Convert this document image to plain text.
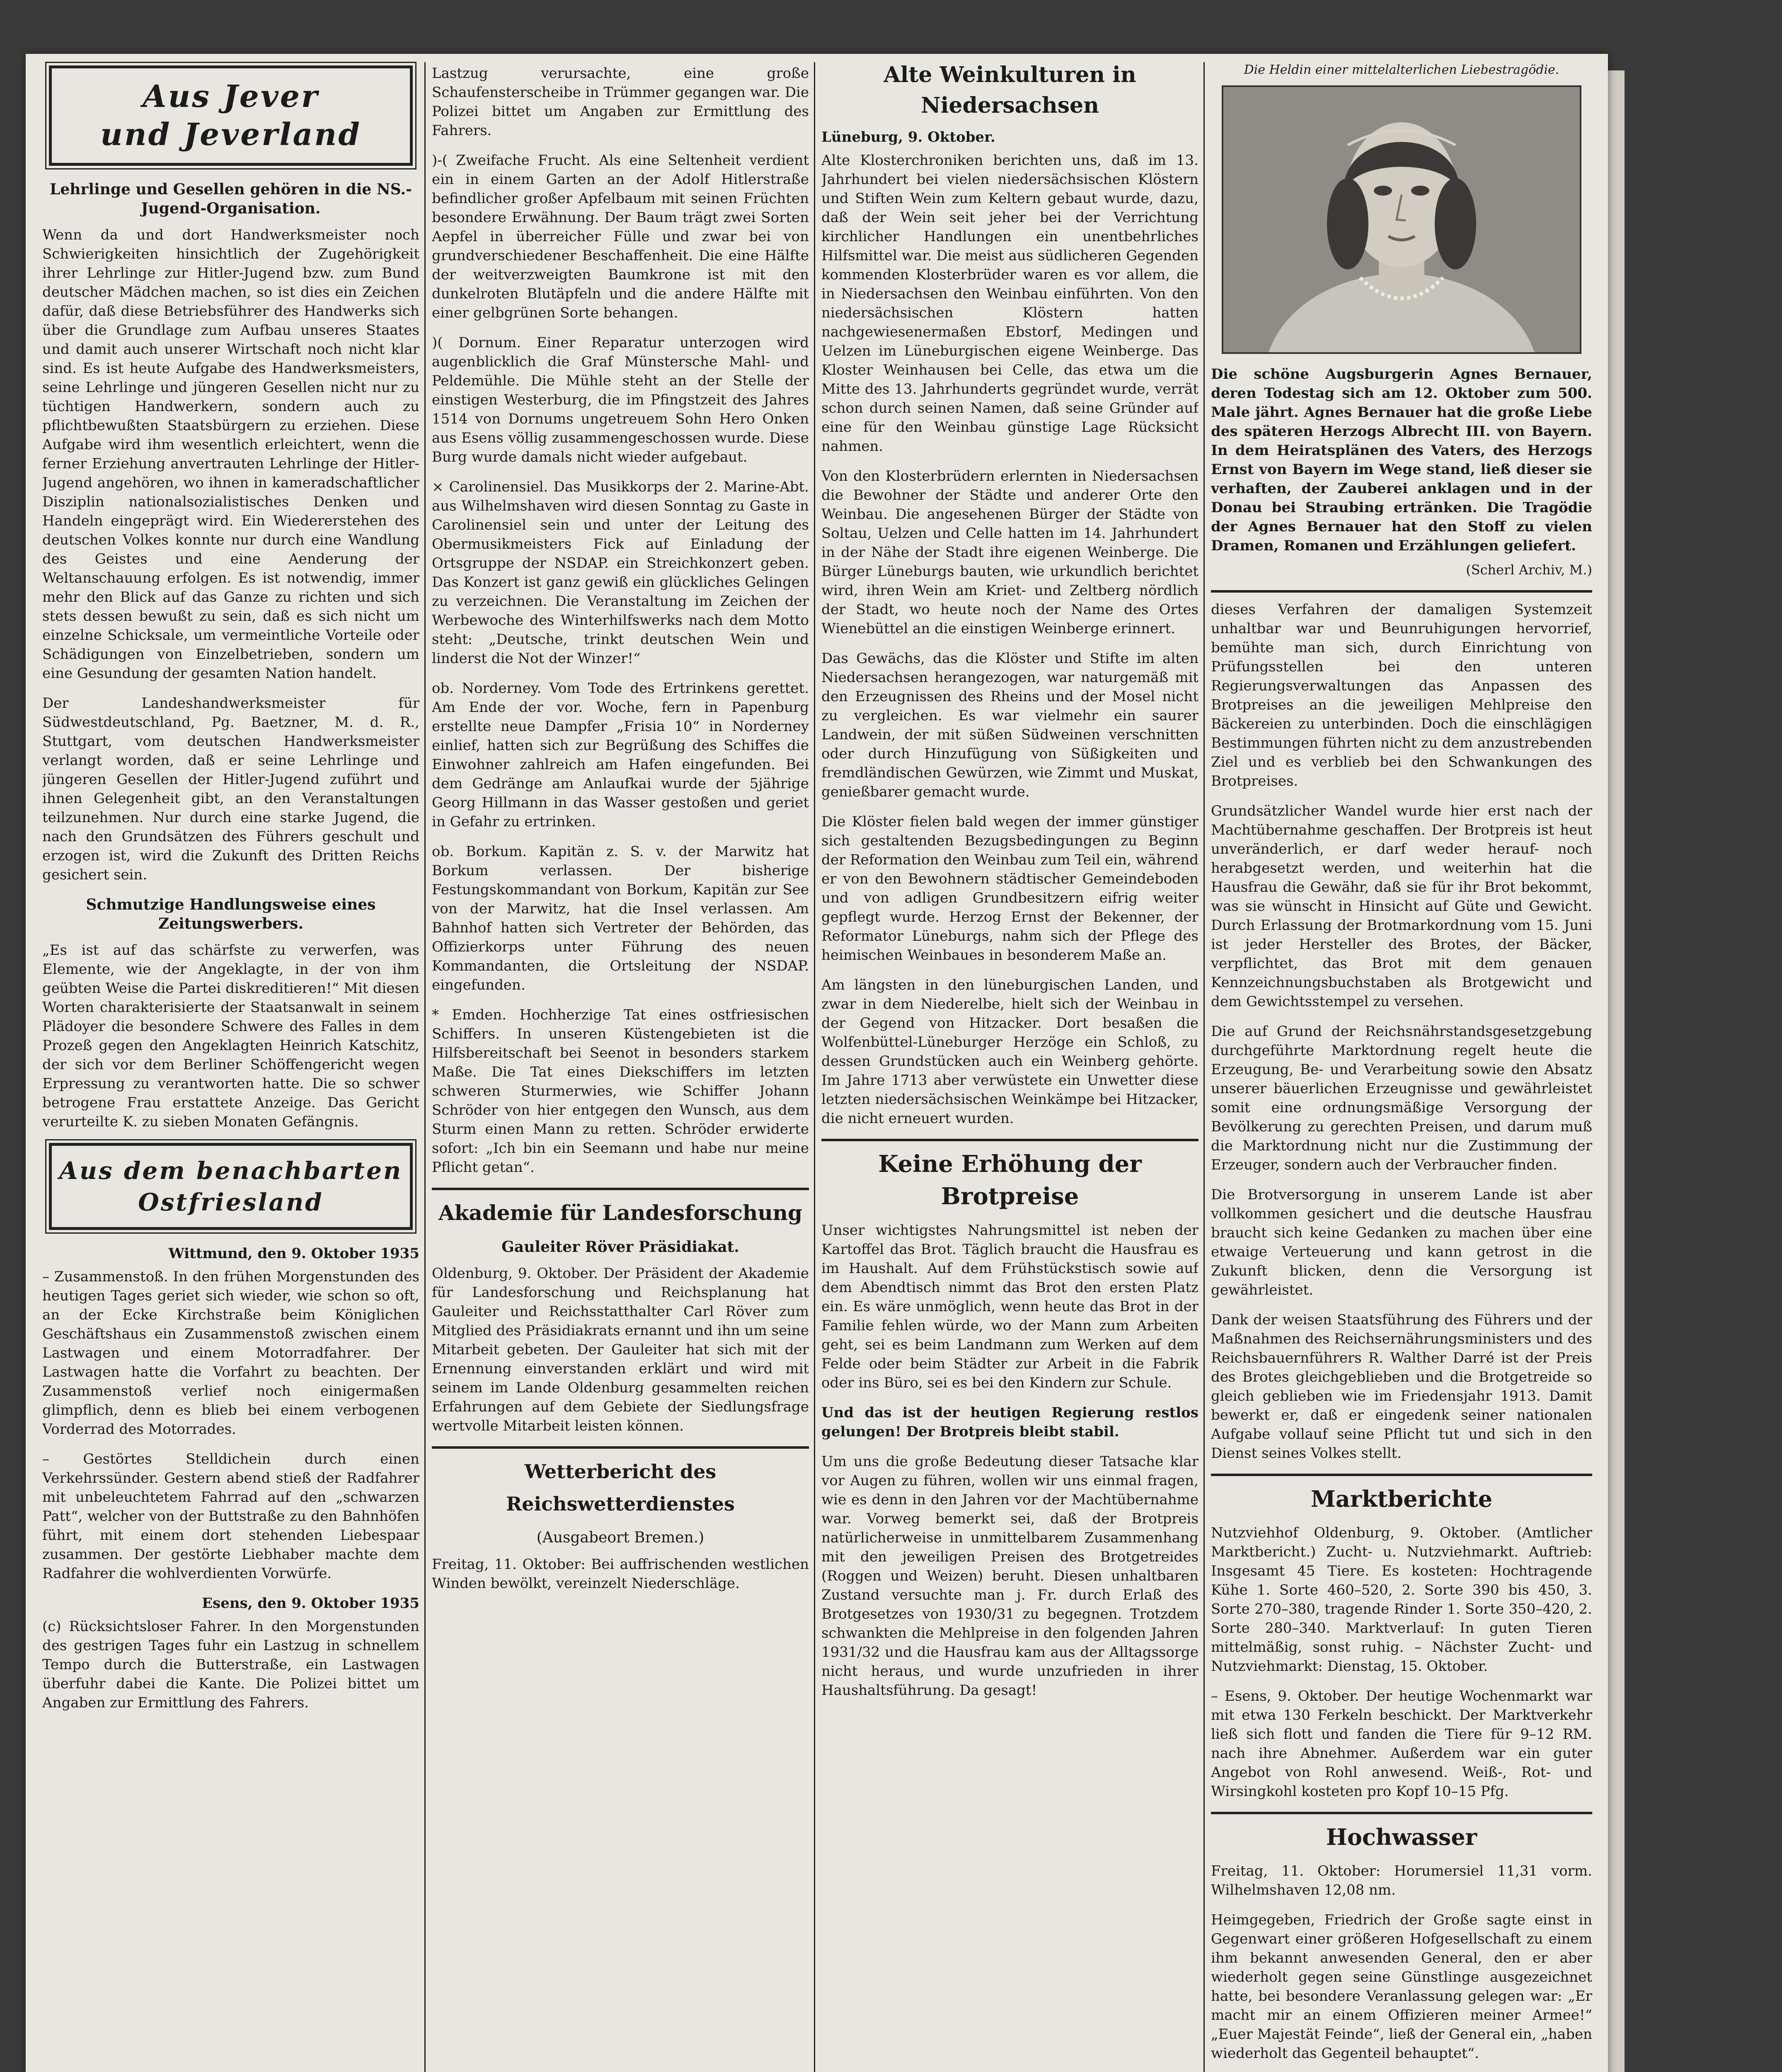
Aus Jever
und Jeverland

Lehrlinge und Gesellen gehören in die NS.-Jugend-Organisation.

Wenn da und dort Handwerksmeister noch Schwierigkeiten hinsichtlich der Zugehörigkeit ihrer Lehrlinge zur Hitler-Jugend bzw. zum Bund deutscher Mädchen machen, so ist dies ein Zeichen dafür, daß diese Betriebsführer des Handwerks sich über die Grundlage zum Aufbau unseres Staates und damit auch unserer Wirtschaft noch nicht klar sind. Es ist heute Aufgabe des Handwerksmeisters, seine Lehrlinge und jüngeren Gesellen nicht nur zu tüchtigen Handwerkern, sondern auch zu pflichtbewußten Staatsbürgern zu erziehen. Diese Aufgabe wird ihm wesentlich erleichtert, wenn die ferner Erziehung anvertrauten Lehrlinge der Hitler-Jugend angehören, wo ihnen in kameradschaftlicher Disziplin nationalsozialistisches Denken und Handeln eingeprägt wird. Ein Wiedererstehen des deutschen Volkes konnte nur durch eine Wandlung des Geistes und eine Aenderung der Weltanschauung erfolgen. Es ist notwendig, immer mehr den Blick auf das Ganze zu richten und sich stets dessen bewußt zu sein, daß es sich nicht um einzelne Schicksale, um vermeintliche Vorteile oder Schädigungen von Einzelbetrieben, sondern um eine Gesundung der gesamten Nation handelt.

Der Landeshandwerksmeister für Südwestdeutschland, Pg. Baetzner, M. d. R., Stuttgart, vom deutschen Handwerksmeister verlangt worden, daß er seine Lehrlinge und jüngeren Gesellen der Hitler-Jugend zuführt und ihnen Gelegenheit gibt, an den Veranstaltungen teilzunehmen. Nur durch eine starke Jugend, die nach den Grundsätzen des Führers geschult und erzogen ist, wird die Zukunft des Dritten Reichs gesichert sein.

Schmutzige Handlungsweise eines Zeitungswerbers.

„Es ist auf das schärfste zu verwerfen, was Elemente, wie der Angeklagte, in der von ihm geübten Weise die Partei diskreditieren!“ Mit diesen Worten charakterisierte der Staatsanwalt in seinem Plädoyer die besondere Schwere des Falles in dem Prozeß gegen den Angeklagten Heinrich Katschitz, der sich vor dem Berliner Schöffengericht wegen Erpressung zu verantworten hatte. Die so schwer betrogene Frau erstattete Anzeige. Das Gericht verurteilte K. zu sieben Monaten Gefängnis.

Aus dem benachbarten
Ostfriesland

Wittmund, den 9. Oktober 1935

– Zusammenstoß. In den frühen Morgenstunden des heutigen Tages geriet sich wieder, wie schon so oft, an der Ecke Kirchstraße beim Königlichen Geschäftshaus ein Zusammenstoß zwischen einem Lastwagen und einem Motorradfahrer. Der Lastwagen hatte die Vorfahrt zu beachten. Der Zusammenstoß verlief noch einigermaßen glimpflich, denn es blieb bei einem verbogenen Vorderrad des Motorrades.

– Gestörtes Stelldichein durch einen Verkehrssünder. Gestern abend stieß der Radfahrer mit unbeleuchtetem Fahrrad auf den „schwarzen Patt“, welcher von der Buttstraße zu den Bahnhöfen führt, mit einem dort stehenden Liebespaar zusammen. Der gestörte Liebhaber machte dem Radfahrer die wohlverdienten Vorwürfe.

Esens, den 9. Oktober 1935

(c) Rücksichtsloser Fahrer. In den Morgenstunden des gestrigen Tages fuhr ein Lastzug in schnellem Tempo durch die Butterstraße, ein Lastwagen überfuhr dabei die Kante. Die Polizei bittet um Angaben zur Ermittlung des Fahrers.

Lastzug verursachte, eine große Schaufensterscheibe in Trümmer gegangen war. Die Polizei bittet um Angaben zur Ermittlung des Fahrers.

)-( Zweifache Frucht. Als eine Seltenheit verdient ein in einem Garten an der Adolf Hitlerstraße befindlicher großer Apfelbaum mit seinen Früchten besondere Erwähnung. Der Baum trägt zwei Sorten Aepfel in überreicher Fülle und zwar bei von grundverschiedener Beschaffenheit. Die eine Hälfte der weitverzweigten Baumkrone ist mit den dunkelroten Blutäpfeln und die andere Hälfte mit einer gelbgrünen Sorte behangen.

)( Dornum. Einer Reparatur unterzogen wird augenblicklich die Graf Münstersche Mahl- und Peldemühle. Die Mühle steht an der Stelle der einstigen Westerburg, die im Pfingstzeit des Jahres 1514 von Dornums ungetreuem Sohn Hero Onken aus Esens völlig zusammengeschossen wurde. Diese Burg wurde damals nicht wieder aufgebaut.

× Carolinensiel. Das Musikkorps der 2. Marine-Abt. aus Wilhelmshaven wird diesen Sonntag zu Gaste in Carolinensiel sein und unter der Leitung des Obermusikmeisters Fick auf Einladung der Ortsgruppe der NSDAP. ein Streichkonzert geben. Das Konzert ist ganz gewiß ein glückliches Gelingen zu verzeichnen. Die Veranstaltung im Zeichen der Werbewoche des Winterhilfswerks nach dem Motto steht: „Deutsche, trinkt deutschen Wein und linderst die Not der Winzer!“

ob. Norderney. Vom Tode des Ertrinkens gerettet. Am Ende der vor. Woche, fern in Papenburg erstellte neue Dampfer „Frisia 10“ in Norderney einlief, hatten sich zur Begrüßung des Schiffes die Einwohner zahlreich am Hafen eingefunden. Bei dem Gedränge am Anlaufkai wurde der 5jährige Georg Hillmann in das Wasser gestoßen und geriet in Gefahr zu ertrinken.

ob. Borkum. Kapitän z. S. v. der Marwitz hat Borkum verlassen. Der bisherige Festungskommandant von Borkum, Kapitän zur See von der Marwitz, hat die Insel verlassen. Am Bahnhof hatten sich Vertreter der Behörden, das Offizierkorps unter Führung des neuen Kommandanten, die Ortsleitung der NSDAP. eingefunden.

* Emden. Hochherzige Tat eines ostfriesischen Schiffers. In unseren Küstengebieten ist die Hilfsbereitschaft bei Seenot in besonders starkem Maße. Die Tat eines Diekschiffers im letzten schweren Sturmerwies, wie Schiffer Johann Schröder von hier entgegen den Wunsch, aus dem Sturm einen Mann zu retten. Schröder erwiderte sofort: „Ich bin ein Seemann und habe nur meine Pflicht getan“.

Akademie für Landesforschung

Gauleiter Röver Präsidiakat.

Oldenburg, 9. Oktober. Der Präsident der Akademie für Landesforschung und Reichsplanung hat Gauleiter und Reichsstatthalter Carl Röver zum Mitglied des Präsidiakrats ernannt und ihn um seine Mitarbeit gebeten. Der Gauleiter hat sich mit der Ernennung einverstanden erklärt und wird mit seinem im Lande Oldenburg gesammelten reichen Erfahrungen auf dem Gebiete der Siedlungsfrage wertvolle Mitarbeit leisten können.

Wetterbericht des Reichswetterdienstes

(Ausgabeort Bremen.)

Freitag, 11. Oktober: Bei auffrischenden westlichen Winden bewölkt, vereinzelt Niederschläge.

Alte Weinkulturen in Niedersachsen

Lüneburg, 9. Oktober.

Alte Klosterchroniken berichten uns, daß im 13. Jahrhundert bei vielen niedersächsischen Klöstern und Stiften Wein zum Keltern gebaut wurde, dazu, daß der Wein seit jeher bei der Verrichtung kirchlicher Handlungen ein unentbehrliches Hilfsmittel war. Die meist aus südlicheren Gegenden kommenden Klosterbrüder waren es vor allem, die in Niedersachsen den Weinbau einführten. Von den niedersächsischen Klöstern hatten nachgewiesenermaßen Ebstorf, Medingen und Uelzen im Lüneburgischen eigene Weinberge. Das Kloster Weinhausen bei Celle, das etwa um die Mitte des 13. Jahrhunderts gegründet wurde, verrät schon durch seinen Namen, daß seine Gründer auf eine für den Weinbau günstige Lage Rücksicht nahmen.

Von den Klosterbrüdern erlernten in Niedersachsen die Bewohner der Städte und anderer Orte den Weinbau. Die angesehenen Bürger der Städte von Soltau, Uelzen und Celle hatten im 14. Jahrhundert in der Nähe der Stadt ihre eigenen Weinberge. Die Bürger Lüneburgs bauten, wie urkundlich berichtet wird, ihren Wein am Kriet- und Zeltberg nördlich der Stadt, wo heute noch der Name des Ortes Wienebüttel an die einstigen Weinberge erinnert.

Das Gewächs, das die Klöster und Stifte im alten Niedersachsen herangezogen, war naturgemäß mit den Erzeugnissen des Rheins und der Mosel nicht zu vergleichen. Es war vielmehr ein saurer Landwein, der mit süßen Südweinen verschnitten oder durch Hinzufügung von Süßigkeiten und fremdländischen Gewürzen, wie Zimmt und Muskat, genießbarer gemacht wurde.

Die Klöster fielen bald wegen der immer günstiger sich gestaltenden Bezugsbedingungen zu Beginn der Reformation den Weinbau zum Teil ein, während er von den Bewohnern städtischer Gemeindeboden und von adligen Grundbesitzern eifrig weiter gepflegt wurde. Herzog Ernst der Bekenner, der Reformator Lüneburgs, nahm sich der Pflege des heimischen Weinbaues in besonderem Maße an.

Am längsten in den lüneburgischen Landen, und zwar in dem Niederelbe, hielt sich der Weinbau in der Gegend von Hitzacker. Dort besaßen die Wolfenbüttel-Lüneburger Herzöge ein Schloß, zu dessen Grundstücken auch ein Weinberg gehörte. Im Jahre 1713 aber verwüstete ein Unwetter diese letzten niedersächsischen Weinkämpe bei Hitzacker, die nicht erneuert wurden.

Keine Erhöhung der Brotpreise

Unser wichtigstes Nahrungsmittel ist neben der Kartoffel das Brot. Täglich braucht die Hausfrau es im Haushalt. Auf dem Frühstückstisch sowie auf dem Abendtisch nimmt das Brot den ersten Platz ein. Es wäre unmöglich, wenn heute das Brot in der Familie fehlen würde, wo der Mann zum Arbeiten geht, sei es beim Landmann zum Werken auf dem Felde oder beim Städter zur Arbeit in die Fabrik oder ins Büro, sei es bei den Kindern zur Schule.

Und das ist der heutigen Regierung restlos gelungen! Der Brotpreis bleibt stabil.

Um uns die große Bedeutung dieser Tatsache klar vor Augen zu führen, wollen wir uns einmal fragen, wie es denn in den Jahren vor der Machtübernahme war. Vorweg bemerkt sei, daß der Brotpreis natürlicherweise in unmittelbarem Zusammenhang mit den jeweiligen Preisen des Brotgetreides (Roggen und Weizen) beruht. Diesen unhaltbaren Zustand versuchte man j. Fr. durch Erlaß des Brotgesetzes von 1930/31 zu begegnen. Trotzdem schwankten die Mehlpreise in den folgenden Jahren 1931/32 und die Hausfrau kam aus der Alltagssorge nicht heraus, und wurde unzufrieden in ihrer Haushaltsführung. Da gesagt!

Die Heldin einer mittelalterlichen Liebestragödie.

Die schöne Augsburgerin Agnes Bernauer, deren Todestag sich am 12. Oktober zum 500. Male jährt. Agnes Bernauer hat die große Liebe des späteren Herzogs Albrecht III. von Bayern. In dem Heiratsplänen des Vaters, des Herzogs Ernst von Bayern im Wege stand, ließ dieser sie verhaften, der Zauberei anklagen und in der Donau bei Straubing ertränken. Die Tragödie der Agnes Bernauer hat den Stoff zu vielen Dramen, Romanen und Erzählungen geliefert.

(Scherl Archiv, M.)

dieses Verfahren der damaligen Systemzeit unhaltbar war und Beunruhigungen hervorrief, bemühte man sich, durch Einrichtung von Prüfungsstellen bei den unteren Regierungsverwaltungen das Anpassen des Brotpreises an die jeweiligen Mehlpreise den Bäckereien zu unterbinden. Doch die einschlägigen Bestimmungen führten nicht zu dem anzustrebenden Ziel und es verblieb bei den Schwankungen des Brotpreises.

Grundsätzlicher Wandel wurde hier erst nach der Machtübernahme geschaffen. Der Brotpreis ist heut unveränderlich, er darf weder herauf- noch herabgesetzt werden, und weiterhin hat die Hausfrau die Gewähr, daß sie für ihr Brot bekommt, was sie wünscht in Hinsicht auf Güte und Gewicht. Durch Erlassung der Brotmarkordnung vom 15. Juni ist jeder Hersteller des Brotes, der Bäcker, verpflichtet, das Brot mit dem genauen Kennzeichnungsbuchstaben als Brotgewicht und dem Gewichtsstempel zu versehen.

Die auf Grund der Reichsnährstandsgesetzgebung durchgeführte Marktordnung regelt heute die Erzeugung, Be- und Verarbeitung sowie den Absatz unserer bäuerlichen Erzeugnisse und gewährleistet somit eine ordnungsmäßige Versorgung der Bevölkerung zu gerechten Preisen, und darum muß die Marktordnung nicht nur die Zustimmung der Erzeuger, sondern auch der Verbraucher finden.

Die Brotversorgung in unserem Lande ist aber vollkommen gesichert und die deutsche Hausfrau braucht sich keine Gedanken zu machen über eine etwaige Verteuerung und kann getrost in die Zukunft blicken, denn die Versorgung ist gewährleistet.

Dank der weisen Staatsführung des Führers und der Maßnahmen des Reichsernährungsministers und des Reichsbauernführers R. Walther Darré ist der Preis des Brotes gleichgeblieben und die Brotgetreide so gleich geblieben wie im Friedensjahr 1913. Damit bewerkt er, daß er eingedenk seiner nationalen Aufgabe vollauf seine Pflicht tut und sich in den Dienst seines Volkes stellt.

Marktberichte

Nutzviehhof Oldenburg, 9. Oktober. (Amtlicher Marktbericht.) Zucht- u. Nutzviehmarkt. Auftrieb: Insgesamt 45 Tiere. Es kosteten: Hochtragende Kühe 1. Sorte 460–520, 2. Sorte 390 bis 450, 3. Sorte 270–380, tragende Rinder 1. Sorte 350–420, 2. Sorte 280–340. Marktverlauf: In guten Tieren mittelmäßig, sonst ruhig. – Nächster Zucht- und Nutzviehmarkt: Dienstag, 15. Oktober.

– Esens, 9. Oktober. Der heutige Wochenmarkt war mit etwa 130 Ferkeln beschickt. Der Marktverkehr ließ sich flott und fanden die Tiere für 9–12 RM. nach ihre Abnehmer. Außerdem war ein guter Angebot von Rohl anwesend. Weiß-, Rot- und Wirsingkohl kosteten pro Kopf 10–15 Pfg.

Hochwasser

Freitag, 11. Oktober: Horumersiel 11,31 vorm. Wilhelmshaven 12,08 nm.

Heimgegeben, Friedrich der Große sagte einst in Gegenwart einer größeren Hofgesellschaft zu einem ihm bekannt anwesenden General, den er aber wiederholt gegen seine Günstlinge ausgezeichnet hatte, bei besondere Veranlassung gelegen war: „Er macht mir an einem Offizieren meiner Armee!“ „Euer Majestät Feinde“, ließ der General ein, „haben wiederholt das Gegenteil behauptet“.
